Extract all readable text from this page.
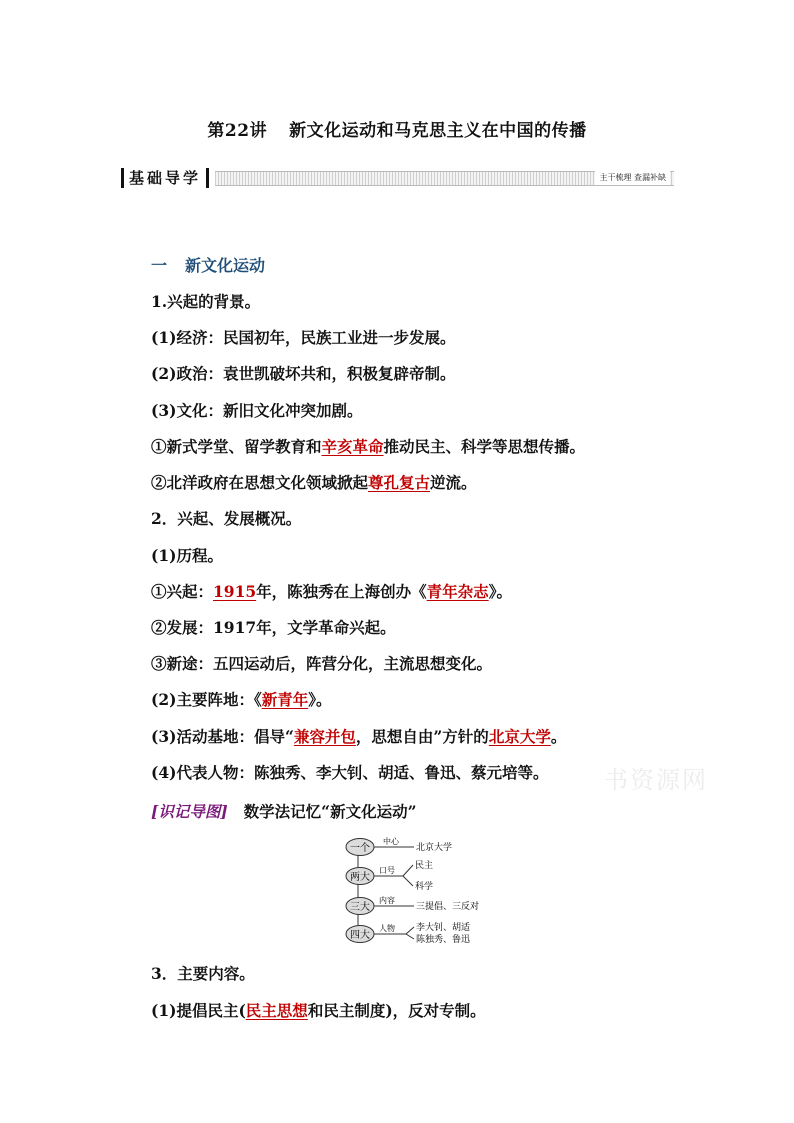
第22讲 新文化运动和马克思主义在中国的传播
基础导学	主干梳理 查漏补缺
一 新文化运动
1.兴起的背景。
(1)经济：民国初年，民族工业进一步发展。
(2)政治：袁世凯破坏共和，积极复辟帝制。
(3)文化：新旧文化冲突加剧。
①新式学堂、留学教育和辛亥革命推动民主、科学等思想传播。
②北洋政府在思想文化领域掀起尊孔复古逆流。
2．兴起、发展概况。
(1)历程。
①兴起：1915年，陈独秀在上海创办《青年杂志》。
②发展：1917年，文学革命兴起。
③新途：五四运动后，阵营分化，主流思想变化。
(2)主要阵地：《新青年》。
(3)活动基地：倡导“兼容并包，思想自由”方针的北京大学。
(4)代表人物：陈独秀、李大钊、胡适、鲁迅、蔡元培等。 书资源网
[识记导图] 数学法记忆“新文化运动”
一个
中心
北京大学
两大
口号 民主
科学
三大
内容
三提倡、三反对
四大
人物 李大钊、胡适
陈独秀、鲁迅
3．主要内容。
(1)提倡民主(民主思想和民主制度)，反对专制。
